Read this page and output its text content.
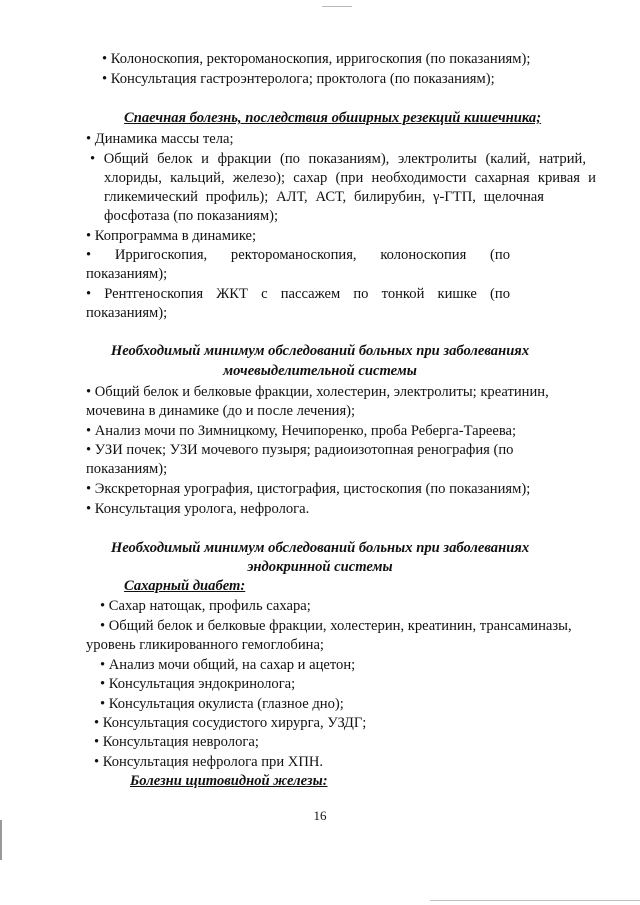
• Колоноскопия, ректороманоскопия, ирригоскопия (по показаниям);
• Консультация гастроэнтеролога; проктолога (по показаниям);
Спаечная болезнь, последствия обширных резекций кишечника;
• Динамика массы тела;
• Общий белок и фракции (по показаниям), электролиты (калий, натрий,
хлориды, кальций, железо); сахар (при необходимости сахарная кривая и
гликемический профиль); АЛТ, АСТ, билирубин, γ-ГТП, щелочная
фосфотаза (по показаниям);
• Копрограмма в динамике;
• Ирригоскопия, ректороманоскопия, колоноскопия (по
показаниям);
• Рентгеноскопия ЖКТ с пассажем по тонкой кишке (по
показаниям);
Необходимый минимум обследований больных при заболеваниях
мочевыделительной системы
• Общий белок и белковые фракции, холестерин, электролиты; креатинин,
мочевина в динамике (до и после лечения);
• Анализ мочи по Зимницкому, Нечипоренко, проба Реберга-Тареева;
• УЗИ почек; УЗИ мочевого пузыря; радиоизотопная ренография (по
показаниям);
• Экскреторная урография, цистография, цистоскопия (по показаниям);
• Консультация уролога, нефролога.
Необходимый минимум обследований больных при заболеваниях
эндокринной системы
Сахарный диабет:
• Сахар натощак, профиль сахара;
• Общий белок и белковые фракции, холестерин, креатинин, трансаминазы,
уровень гликированного гемоглобина;
• Анализ мочи общий, на сахар и ацетон;
• Консультация эндокринолога;
• Консультация окулиста (глазное дно);
• Консультация сосудистого хирурга, УЗДГ;
• Консультация невролога;
• Консультация нефролога при ХПН.
Болезни щитовидной железы:
16
